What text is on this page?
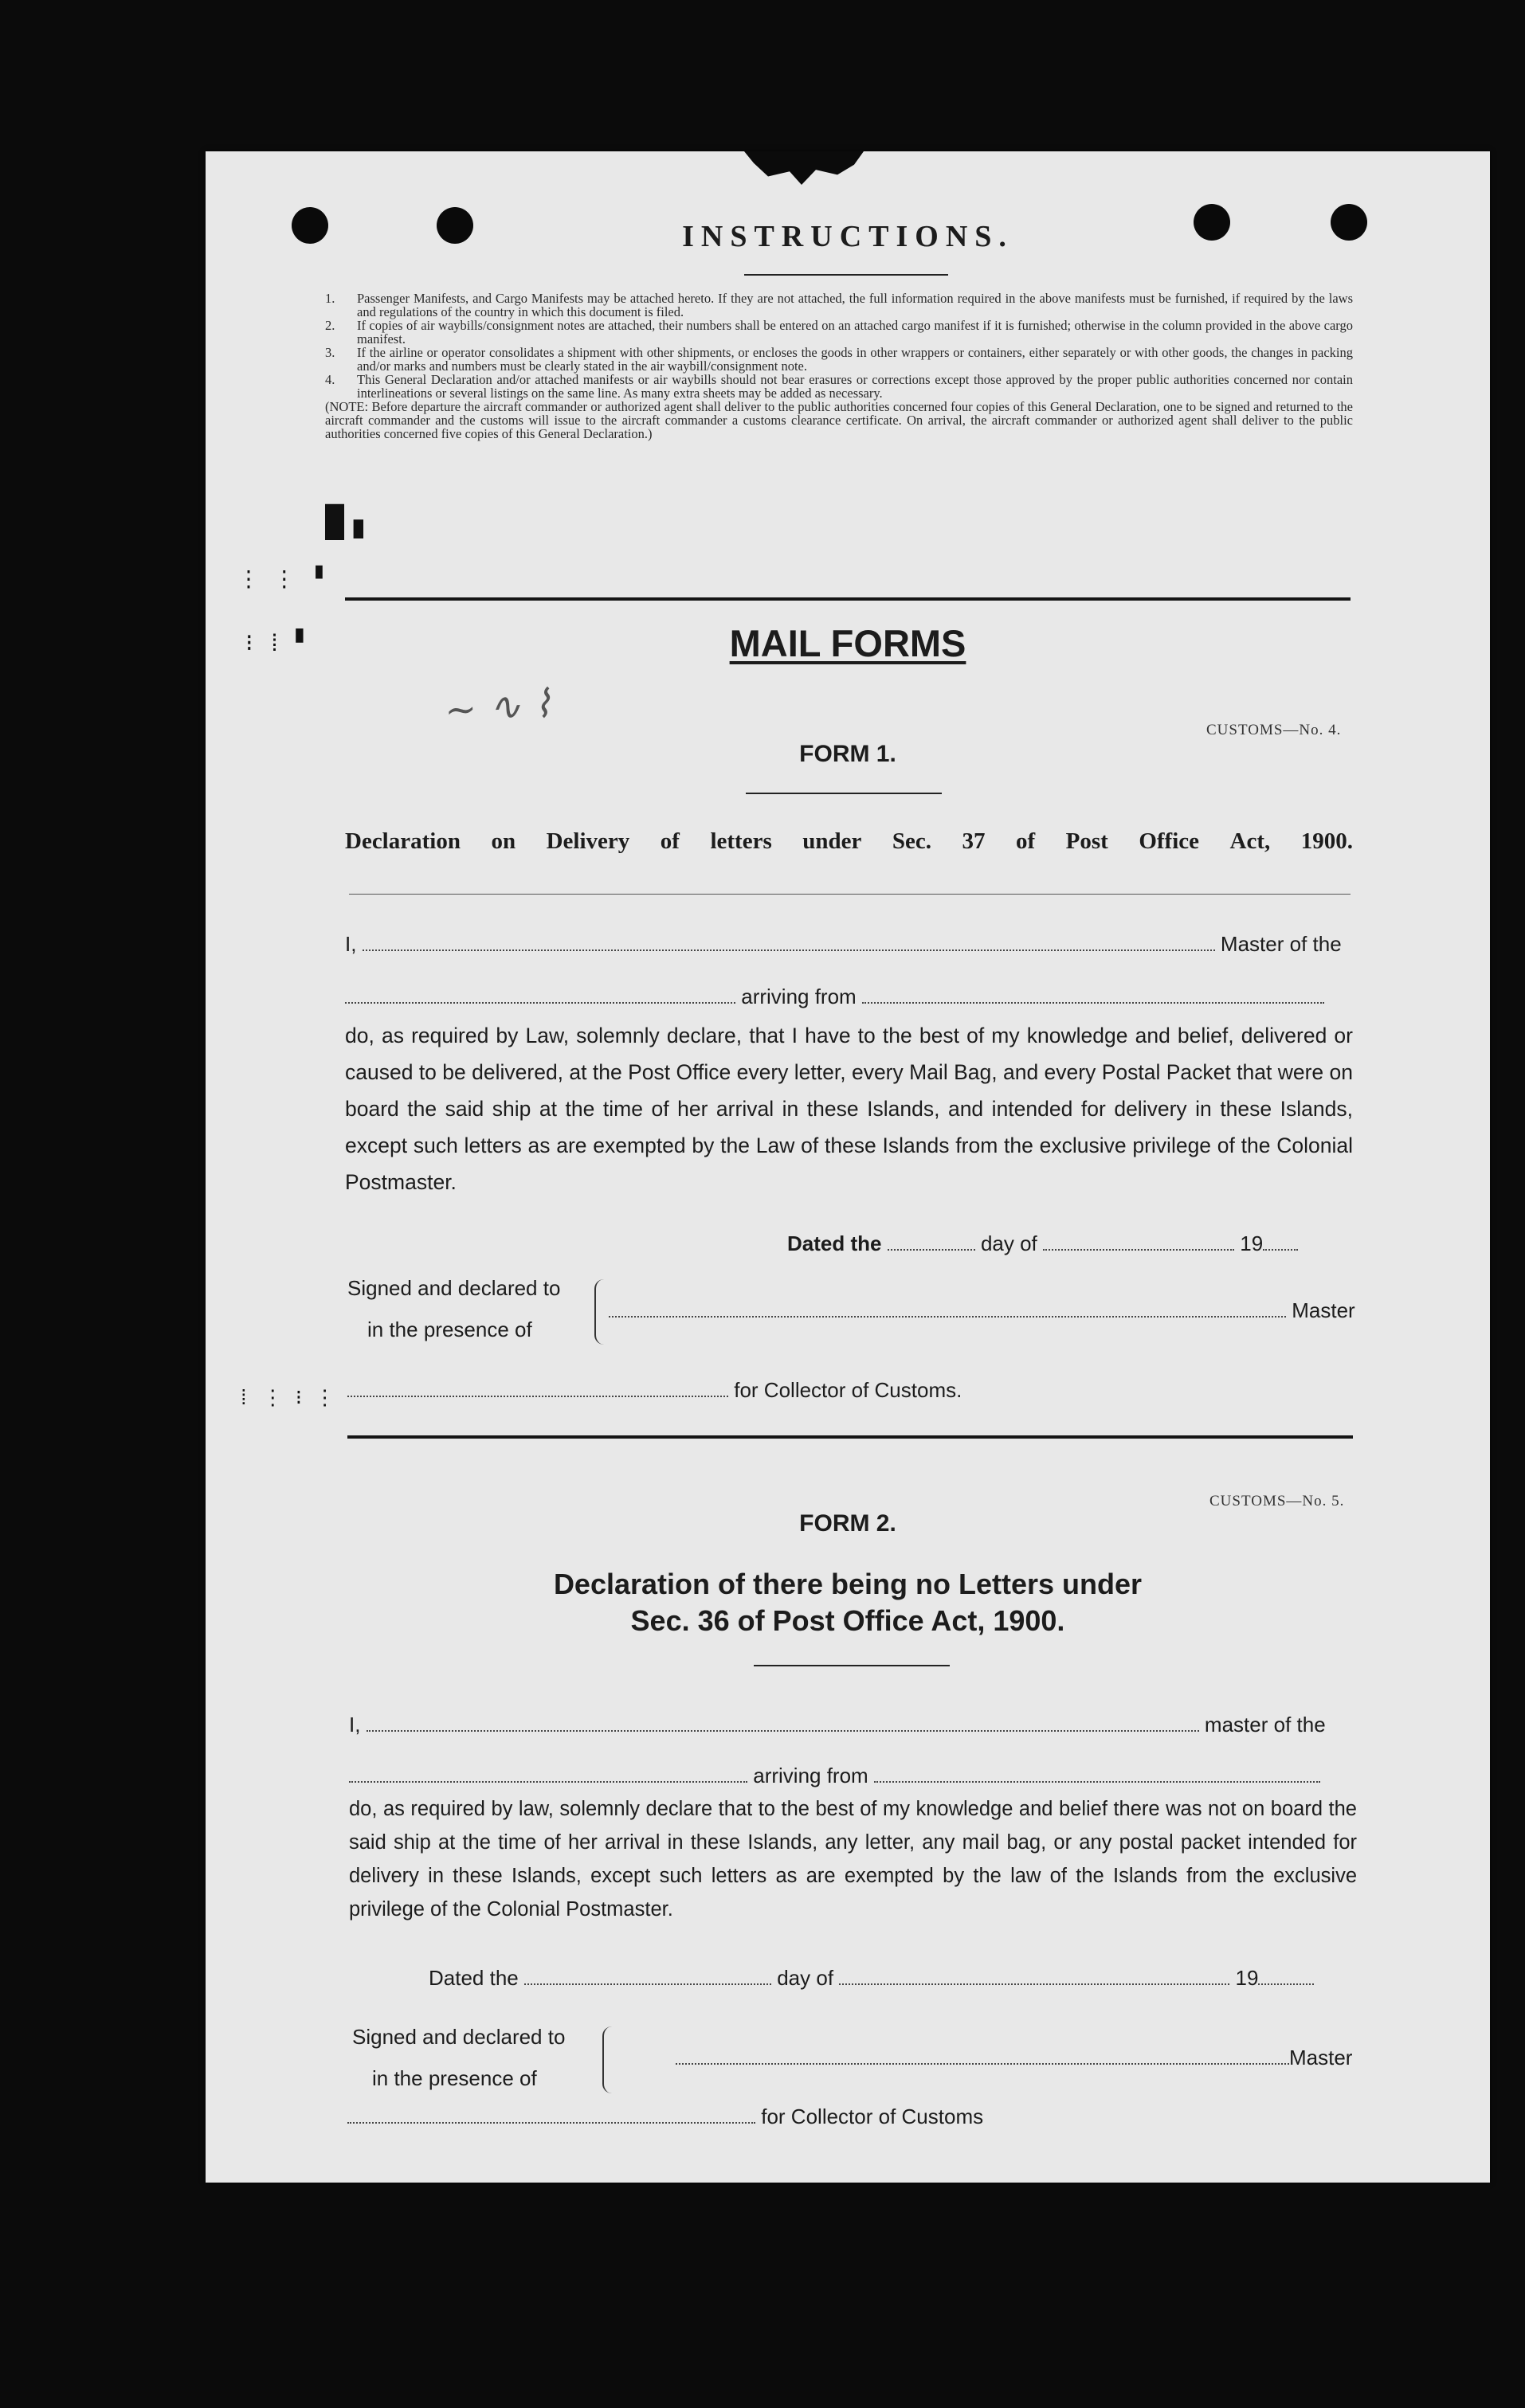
INSTRUCTIONS.

1. Passenger Manifests, and Cargo Manifests may be attached hereto. If they are not attached, the full information required in the above manifests must be furnished, if required by the laws and regulations of the country in which this document is filed.

2. If copies of air waybills/consignment notes are attached, their numbers shall be entered on an attached cargo manifest if it is furnished; otherwise in the column provided in the above cargo manifest.

3. If the airline or operator consolidates a shipment with other shipments, or encloses the goods in other wrappers or containers, either separately or with other goods, the changes in packing and/or marks and numbers must be clearly stated in the air waybill/consignment note.

4. This General Declaration and/or attached manifests or air waybills should not bear erasures or corrections except those approved by the proper public authorities concerned nor contain interlineations or several listings on the same line. As many extra sheets may be added as necessary.

(NOTE: Before departure the aircraft commander or authorized agent shall deliver to the public authorities concerned four copies of this General Declaration, one to be signed and returned to the aircraft commander and the customs will issue to the aircraft commander a customs clearance certificate. On arrival, the aircraft commander or authorized agent shall deliver to the public authorities concerned five copies of this General Declaration.)

MAIL FORMS
CUSTOMS—No. 4.
FORM 1.
Declaration on Delivery of letters under Sec. 37 of Post Office Act, 1900.
I,	Master of the
arriving from
do, as required by Law, solemnly declare, that I have to the best of my knowledge and belief, delivered or caused to be delivered, at the Post Office every letter, every Mail Bag, and every Postal Packet that were on board the said ship at the time of her arrival in these Islands, and intended for delivery in these Islands, except such letters as are exempted by the Law of these Islands from the exclusive privilege of the Colonial Postmaster.
Dated the	day of	19
Signed and declared to
in the presence of
Master
for Collector of Customs.
CUSTOMS—No. 5.
FORM 2.
Declaration of there being no Letters under
Sec. 36 of Post Office Act, 1900.
I,	master of the
arriving from
do, as required by law, solemnly declare that to the best of my knowledge and belief there was not on board the said ship at the time of her arrival in these Islands, any letter, any mail bag, or any postal packet intended for delivery in these Islands, except such letters as are exempted by the law of the Islands from the exclusive privilege of the Colonial Postmaster.
Dated the	day of	19
Signed and declared to
in the presence of
Master
for Collector of Customs
▐▌▖
⋮ ⋮ ▝
⁝ ⁞ ▘
⁞ ⋮ ⁝ ⋮
~ ∿ ⌇
